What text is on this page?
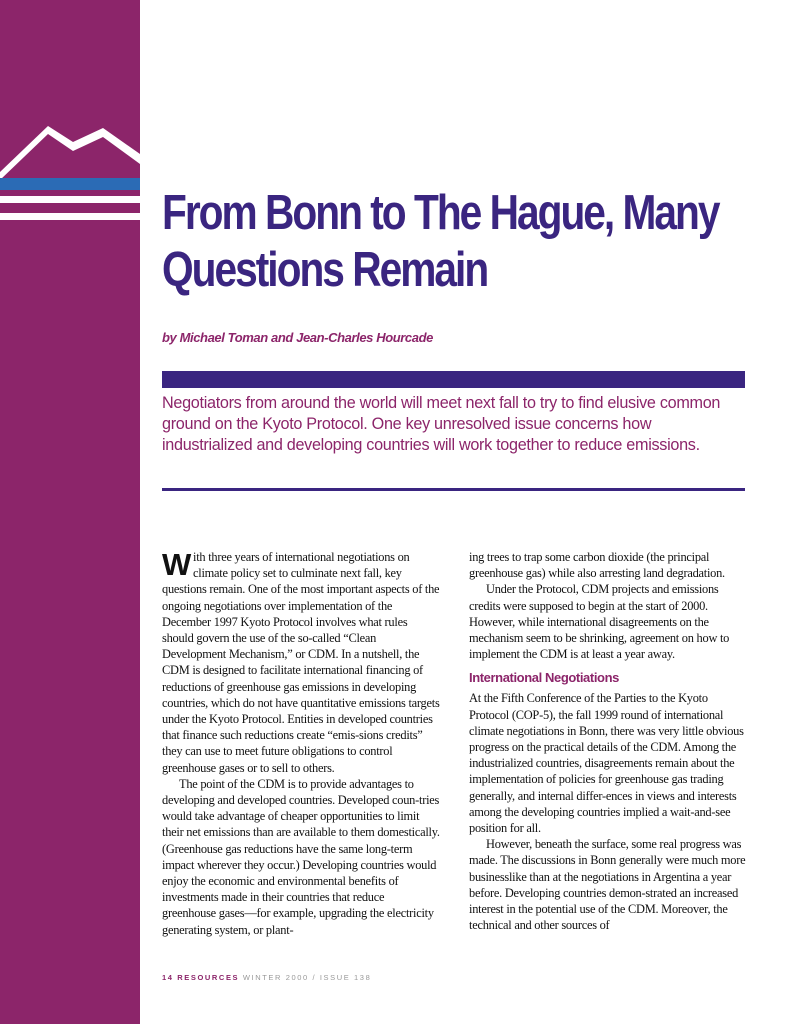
From Bonn to The Hague, Many Questions Remain

by Michael Toman and Jean-Charles Hourcade

Negotiators from around the world will meet next fall to try to find elusive common ground on the Kyoto Protocol. One key unresolved issue concerns how industrialized and developing countries will work together to reduce emissions.

With three years of international negotiations on climate policy set to culminate next fall, key questions remain. One of the most important aspects of the ongoing negotiations over implementation of the December 1997 Kyoto Protocol involves what rules should govern the use of the so-called “Clean Development Mechanism,” or CDM. In a nutshell, the CDM is designed to facilitate international financing of reductions of greenhouse gas emissions in developing countries, which do not have quantitative emissions targets under the Kyoto Protocol. Entities in developed countries that finance such reductions create “emis-sions credits” they can use to meet future obligations to control greenhouse gases or to sell to others.

The point of the CDM is to provide advantages to developing and developed countries. Developed coun-tries would take advantage of cheaper opportunities to limit their net emissions than are available to them domestically. (Greenhouse gas reductions have the same long-term impact wherever they occur.) Developing countries would enjoy the economic and environmental benefits of investments made in their countries that reduce greenhouse gases—for example, upgrading the electricity generating system, or plant-

ing trees to trap some carbon dioxide (the principal greenhouse gas) while also arresting land degradation.

Under the Protocol, CDM projects and emissions credits were supposed to begin at the start of 2000. However, while international disagreements on the mechanism seem to be shrinking, agreement on how to implement the CDM is at least a year away.

International Negotiations

At the Fifth Conference of the Parties to the Kyoto Protocol (COP-5), the fall 1999 round of international climate negotiations in Bonn, there was very little obvious progress on the practical details of the CDM. Among the industrialized countries, disagreements remain about the implementation of policies for greenhouse gas trading generally, and internal differ-ences in views and interests among the developing countries implied a wait-and-see position for all.

However, beneath the surface, some real progress was made. The discussions in Bonn generally were much more businesslike than at the negotiations in Argentina a year before. Developing countries demon-strated an increased interest in the potential use of the CDM. Moreover, the technical and other sources of

14 RESOURCES WINTER 2000 / ISSUE 138
